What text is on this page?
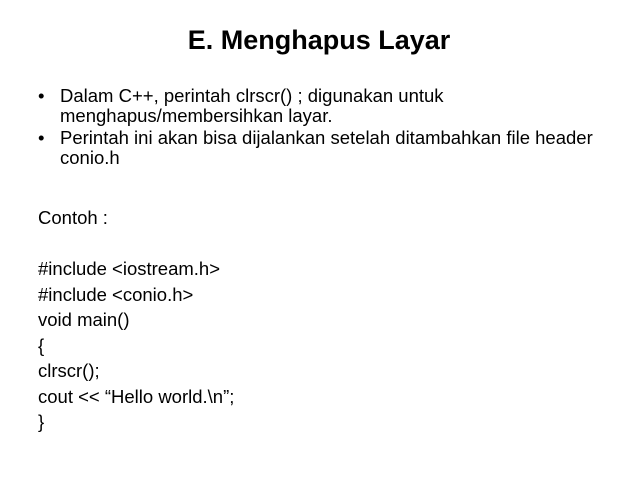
E. Menghapus Layar
• Dalam C++, perintah clrscr() ; digunakan untuk menghapus/membersihkan layar.
• Perintah ini akan bisa dijalankan setelah ditambahkan file header conio.h
Contoh :
#include <iostream.h>
#include <conio.h>
void main()
{
clrscr();
cout << “Hello world.\n”;
}
